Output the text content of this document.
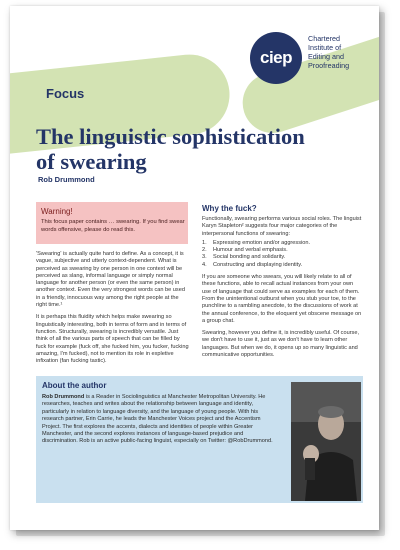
Focus
ciep
Chartered
Institute of
Editing and
Proofreading
The linguistic sophistication
of swearing
Rob Drummond
Warning!
This focus paper contains … swearing. If you find swear words offensive, please do read this.

'Swearing' is actually quite hard to define. As a concept, it is vague, subjective and utterly context-dependent. What is perceived as swearing by one person in one context will be perceived as slang, informal language or simply normal language for another person (or even the same person) in another context. Even the very strongest words can be used in a friendly, innocuous way among the right people at the right time.¹

It is perhaps this fluidity which helps make swearing so linguistically interesting, both in terms of form and in terms of function. Structurally, swearing is incredibly versatile. Just think of all the various parts of speech that can be filled by fuck for example (fuck off, she fucked him, you fucker, fucking amazing, I'm fucked), not to mention its role in expletive infixation (fan fucking tastic).

Why the fuck?

Functionally, swearing performs various social roles. The linguist Karyn Stapleton² suggests four major categories of the interpersonal functions of swearing:

1.	Expressing emotion and/or aggression.
2.	Humour and verbal emphasis.
3.	Social bonding and solidarity.
4.	Constructing and displaying identity.

If you are someone who swears, you will likely relate to all of these functions, able to recall actual instances from your own use of language that could serve as examples for each of them. From the unintentional outburst when you stub your toe, to the punchline to a rambling anecdote, to the discussions of work at the annual conference, to the eloquent yet obscene message on a group chat.

Swearing, however you define it, is incredibly useful. Of course, we don't have to use it, just as we don't have to learn other languages. But when we do, it opens up so many linguistic and communicative opportunities.

About the author
Rob Drummond is a Reader in Sociolinguistics at Manchester Metropolitan University. He researches, teaches and writes about the relationship between language and identity, particularly in relation to language diversity, and the language of young people. With his research partner, Erin Carrie, he leads the Manchester Voices project and the Accentism Project. The first explores the accents, dialects and identities of people within Greater Manchester, and the second explores instances of language-based prejudice and discrimination. Rob is an active public-facing linguist, especially on Twitter: @RobDrummond.
